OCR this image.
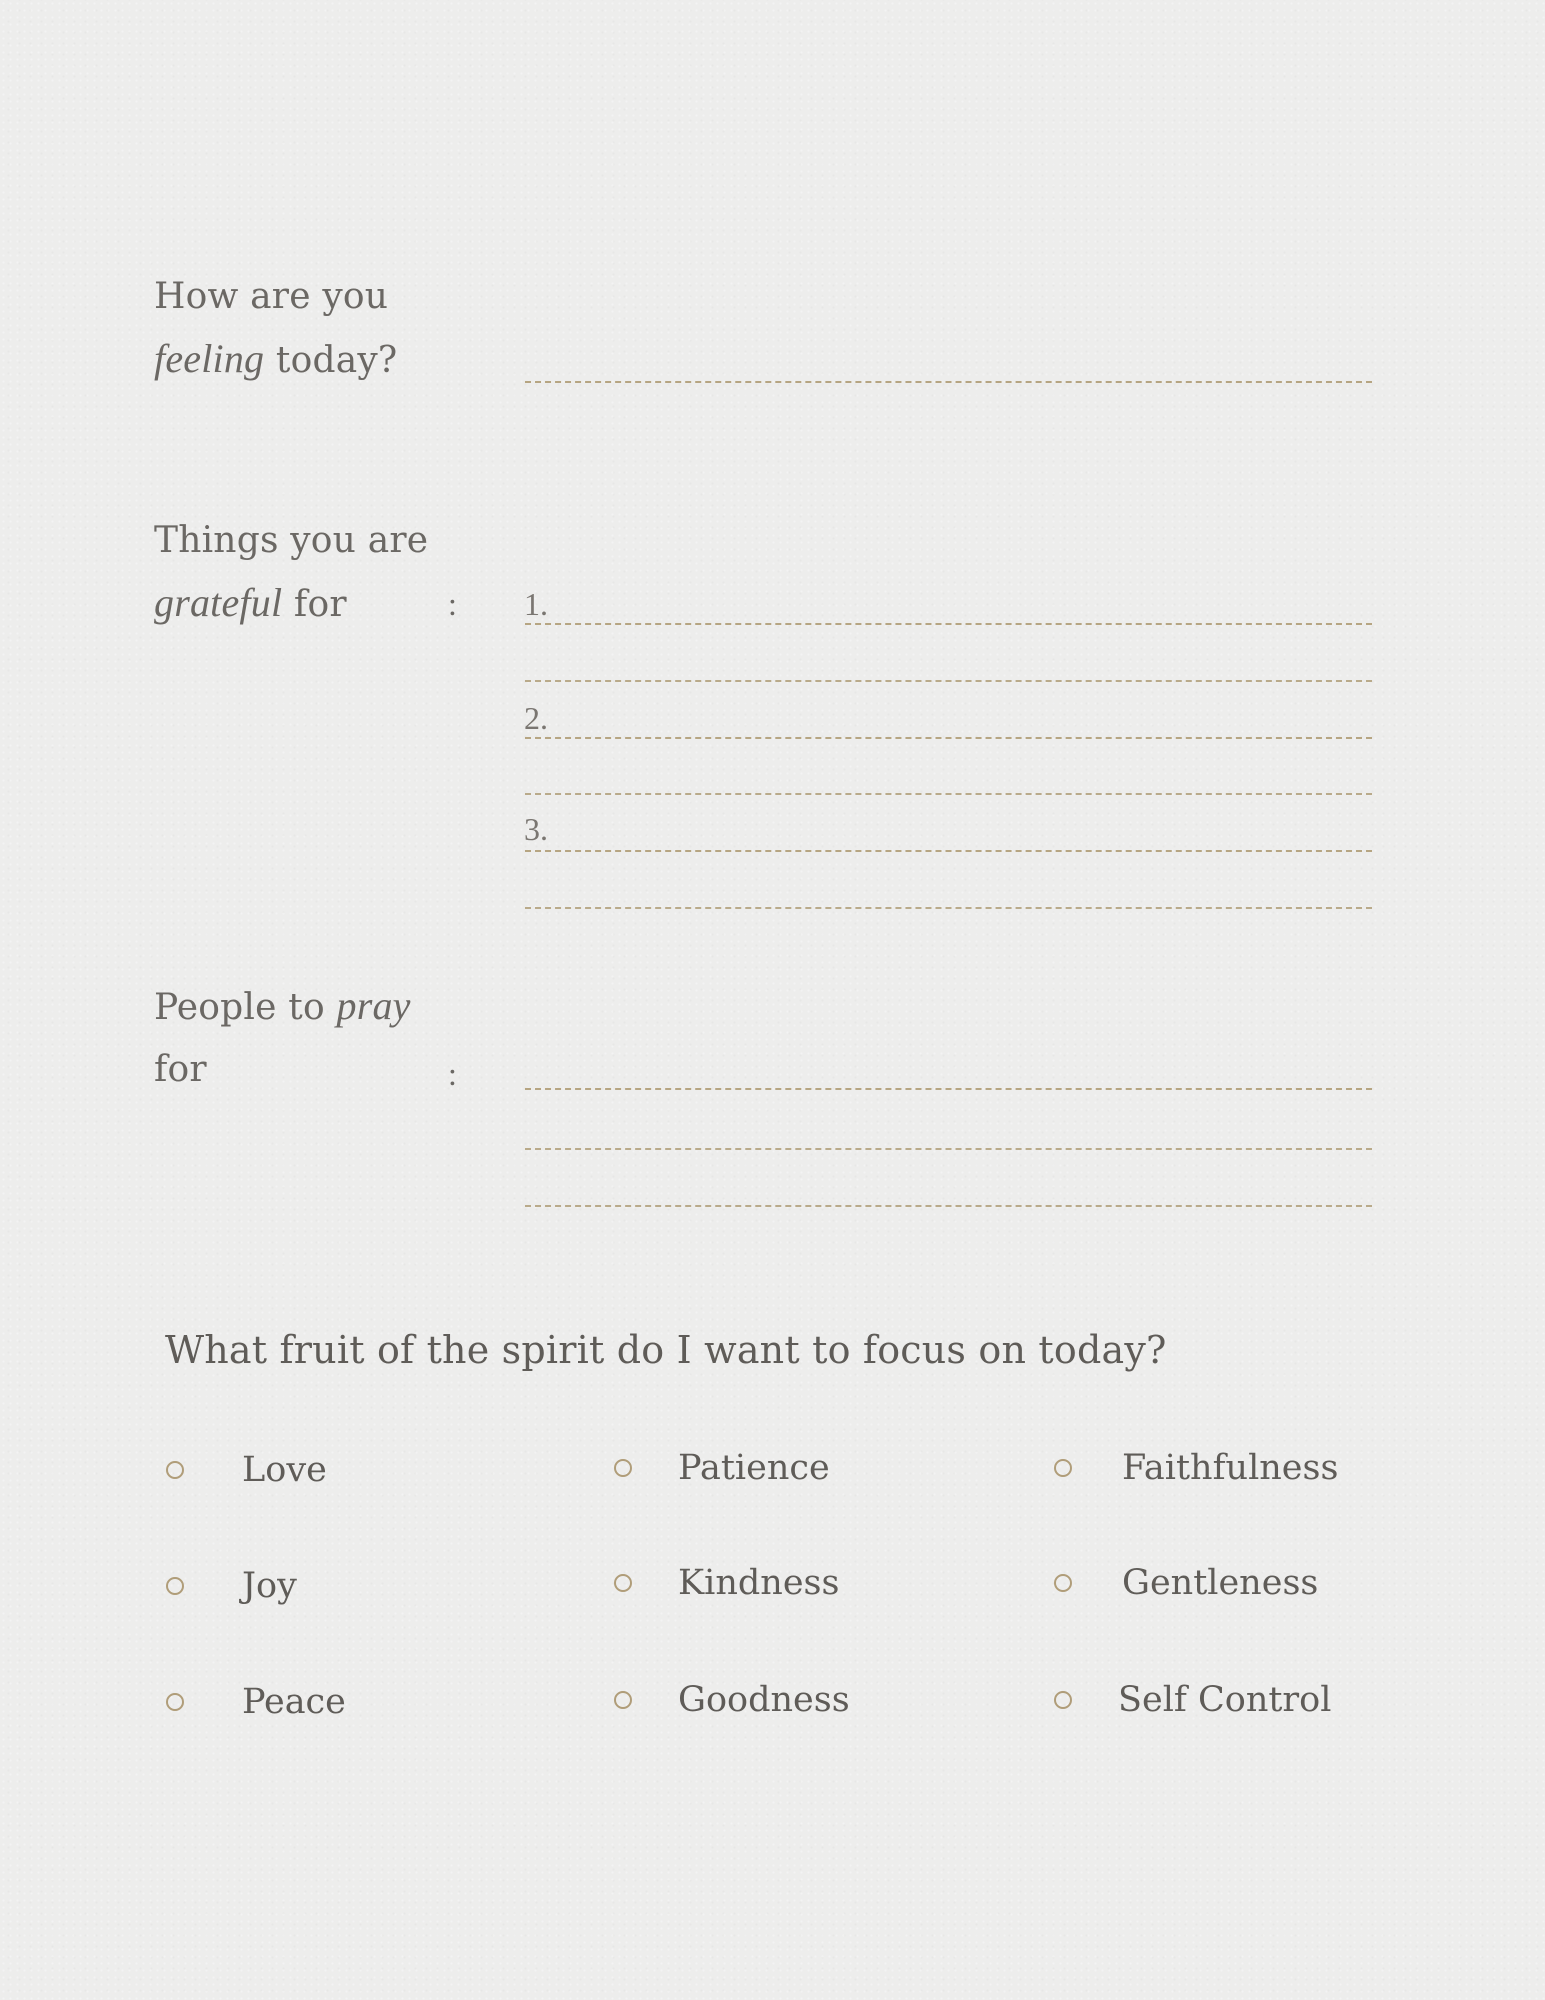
How are you
feeling today?
Things you are
grateful for	: 1.
2.
3.
People to pray
for	:
What fruit of the spirit do I want to focus on today?
Love
Joy
Peace
Patience
Kindness
Goodness
Faithfulness
Gentleness
Self Control
